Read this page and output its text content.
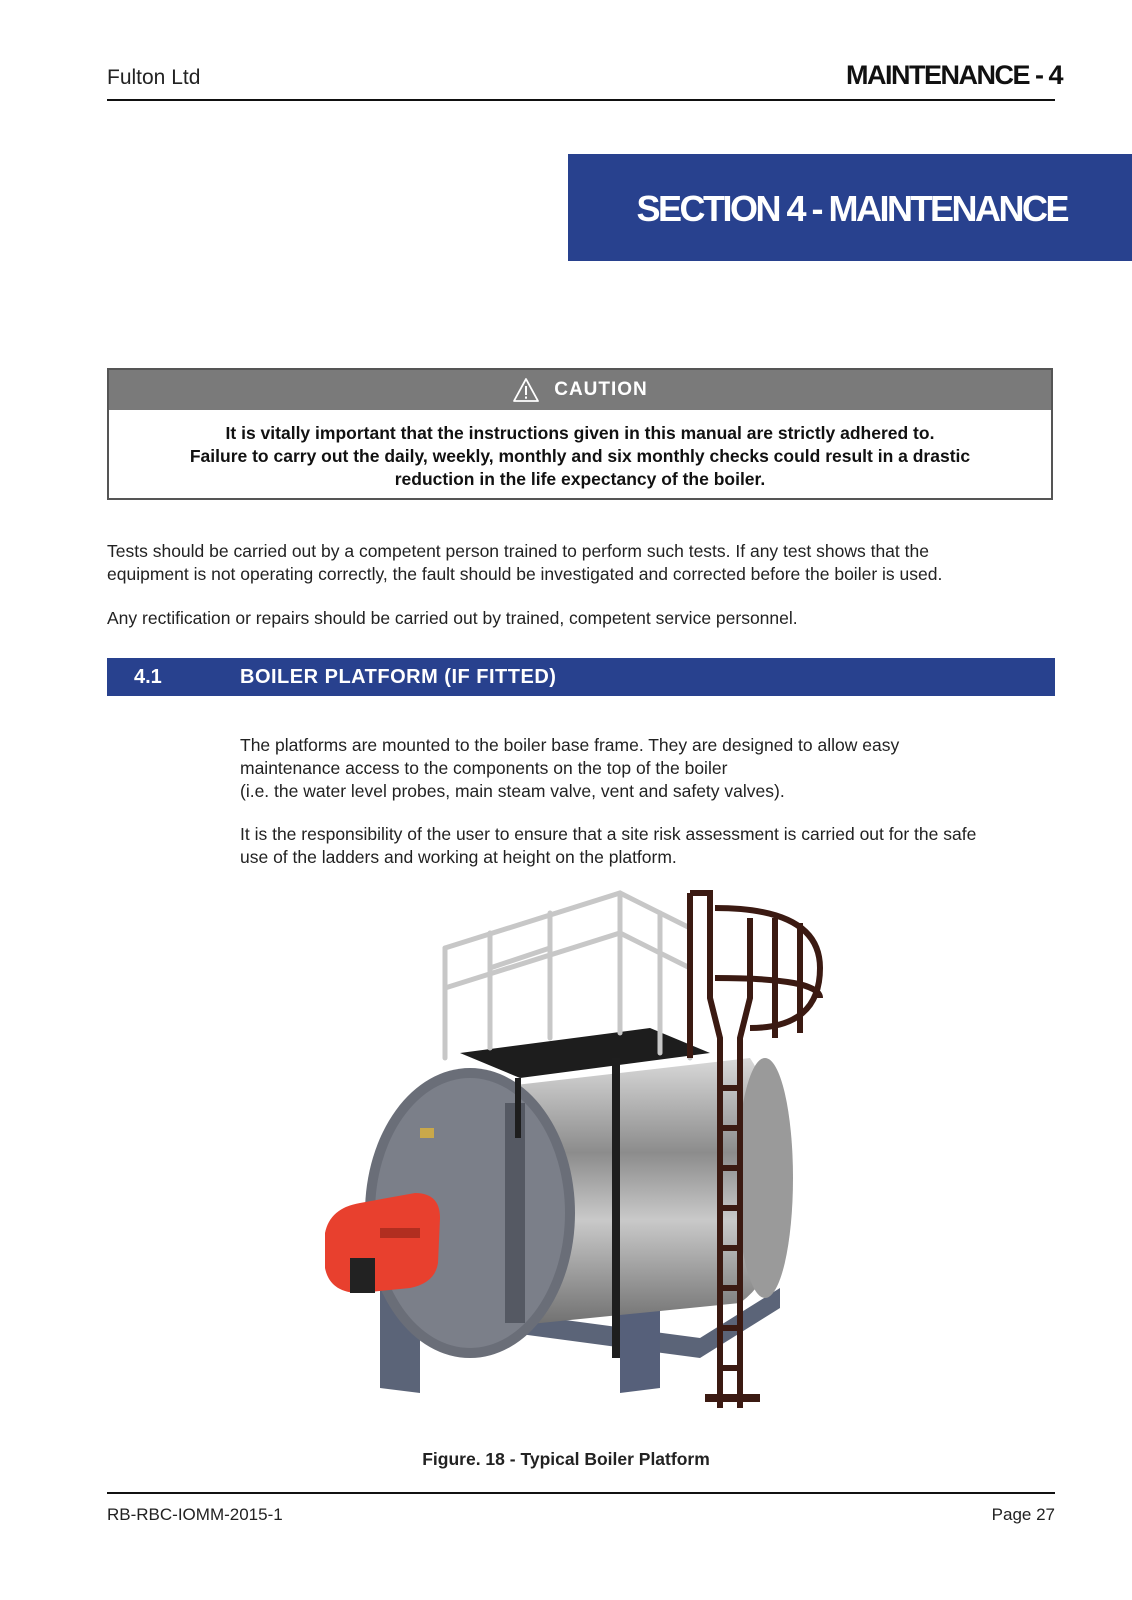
Fulton Ltd	MAINTENANCE - 4
SECTION 4 - MAINTENANCE
CAUTION
It is vitally important that the instructions given in this manual are strictly adhered to.
Failure to carry out the daily, weekly, monthly and six monthly checks could result in a drastic
reduction in the life expectancy of the boiler.
Tests should be carried out by a competent person trained to perform such tests. If any test shows that the
equipment is not operating correctly, the fault should be investigated and corrected before the boiler is used.
Any rectification or repairs should be carried out by trained, competent service personnel.
4.1	BOILER PLATFORM (IF FITTED)
The platforms are mounted to the boiler base frame. They are designed to allow easy
maintenance access to the components on the top of the boiler
(i.e. the water level probes, main steam valve, vent and safety valves).
It is the responsibility of the user to ensure that a site risk assessment is carried out for the safe
use of the ladders and working at height on the platform.
Figure. 18 - Typical Boiler Platform
RB-RBC-IOMM-2015-1	Page 27
